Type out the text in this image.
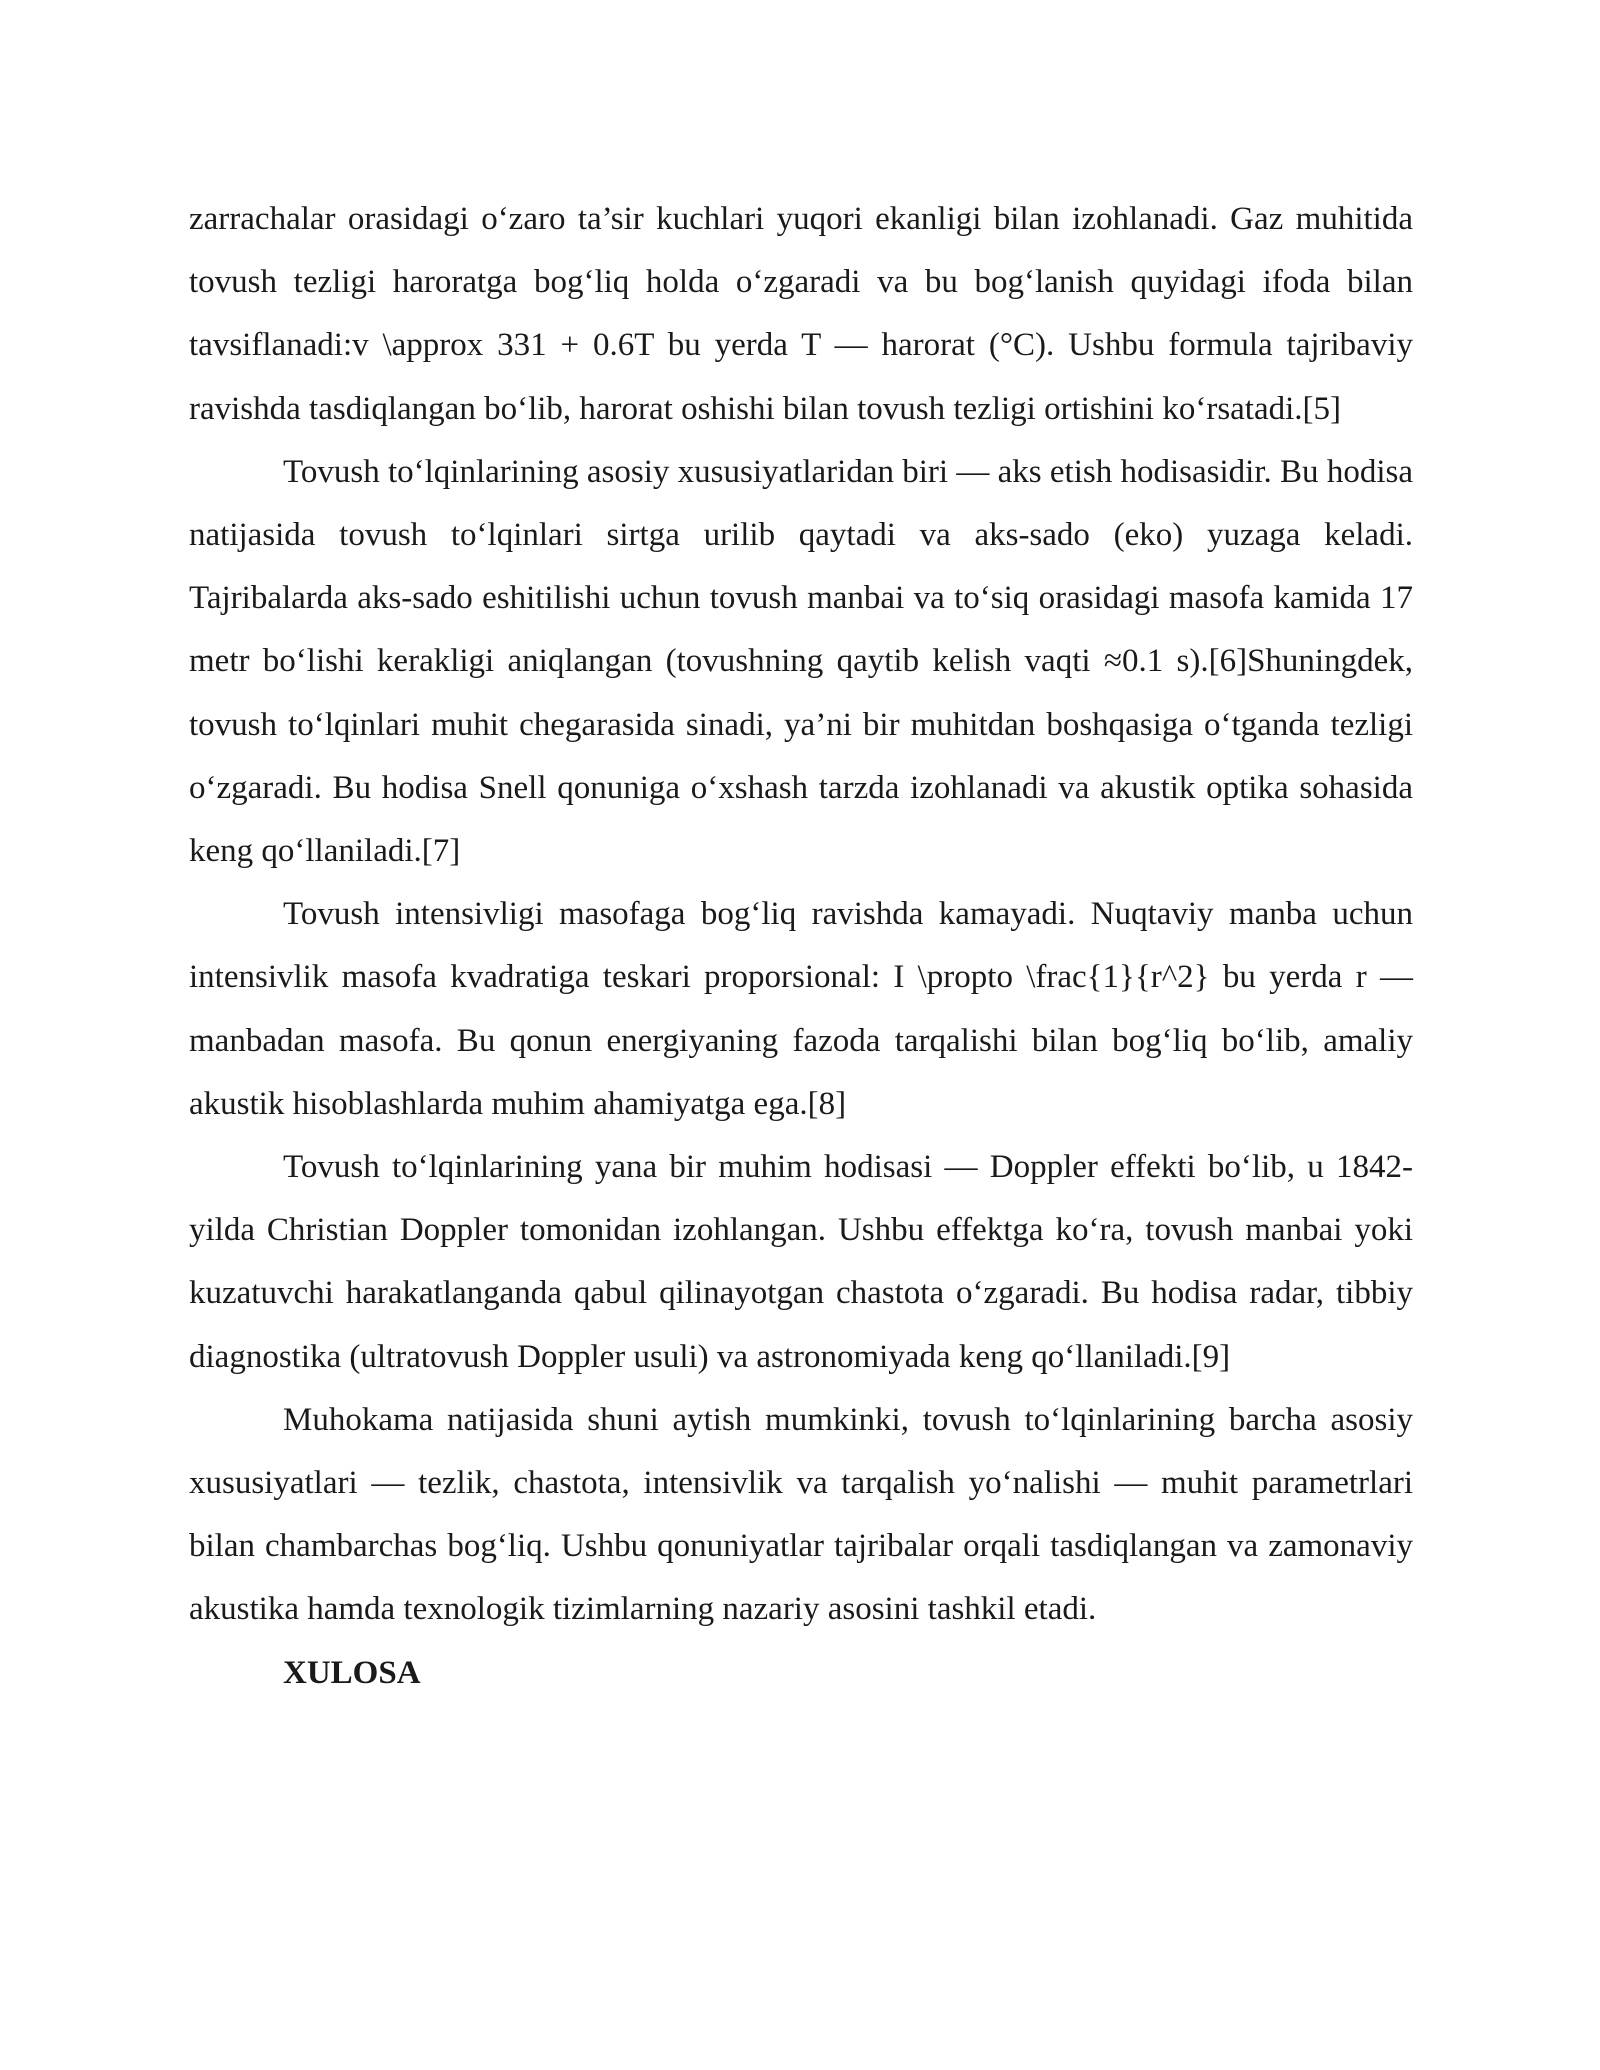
zarrachalar orasidagi o‘zaro ta’sir kuchlari yuqori ekanligi bilan izohlanadi. Gaz muhitida tovush tezligi haroratga bog‘liq holda o‘zgaradi va bu bog‘lanish quyidagi ifoda bilan tavsiflanadi:v \approx 331 + 0.6T bu yerda T — harorat (°C). Ushbu formula tajribaviy ravishda tasdiqlangan bo‘lib, harorat oshishi bilan tovush tezligi ortishini ko‘rsatadi.[5]

Tovush to‘lqinlarining asosiy xususiyatlaridan biri — aks etish hodisasidir. Bu hodisa natijasida tovush to‘lqinlari sirtga urilib qaytadi va aks-sado (eko) yuzaga keladi. Tajribalarda aks-sado eshitilishi uchun tovush manbai va to‘siq orasidagi masofa kamida 17 metr bo‘lishi kerakligi aniqlangan (tovushning qaytib kelish vaqti ≈0.1 s).[6]Shuningdek, tovush to‘lqinlari muhit chegarasida sinadi, ya’ni bir muhitdan boshqasiga o‘tganda tezligi o‘zgaradi. Bu hodisa Snell qonuniga o‘xshash tarzda izohlanadi va akustik optika sohasida keng qo‘llaniladi.[7]

Tovush intensivligi masofaga bog‘liq ravishda kamayadi. Nuqtaviy manba uchun intensivlik masofa kvadratiga teskari proporsional: I \propto \frac{1}{r^2} bu yerda r — manbadan masofa. Bu qonun energiyaning fazoda tarqalishi bilan bog‘liq bo‘lib, amaliy akustik hisoblashlarda muhim ahamiyatga ega.[8]

Tovush to‘lqinlarining yana bir muhim hodisasi — Doppler effekti bo‘lib, u 1842-yilda Christian Doppler tomonidan izohlangan. Ushbu effektga ko‘ra, tovush manbai yoki kuzatuvchi harakatlanganda qabul qilinayotgan chastota o‘zgaradi. Bu hodisa radar, tibbiy diagnostika (ultratovush Doppler usuli) va astronomiyada keng qo‘llaniladi.[9]

Muhokama natijasida shuni aytish mumkinki, tovush to‘lqinlarining barcha asosiy xususiyatlari — tezlik, chastota, intensivlik va tarqalish yo‘nalishi — muhit parametrlari bilan chambarchas bog‘liq. Ushbu qonuniyatlar tajribalar orqali tasdiqlangan va zamonaviy akustika hamda texnologik tizimlarning nazariy asosini tashkil etadi.

XULOSA
